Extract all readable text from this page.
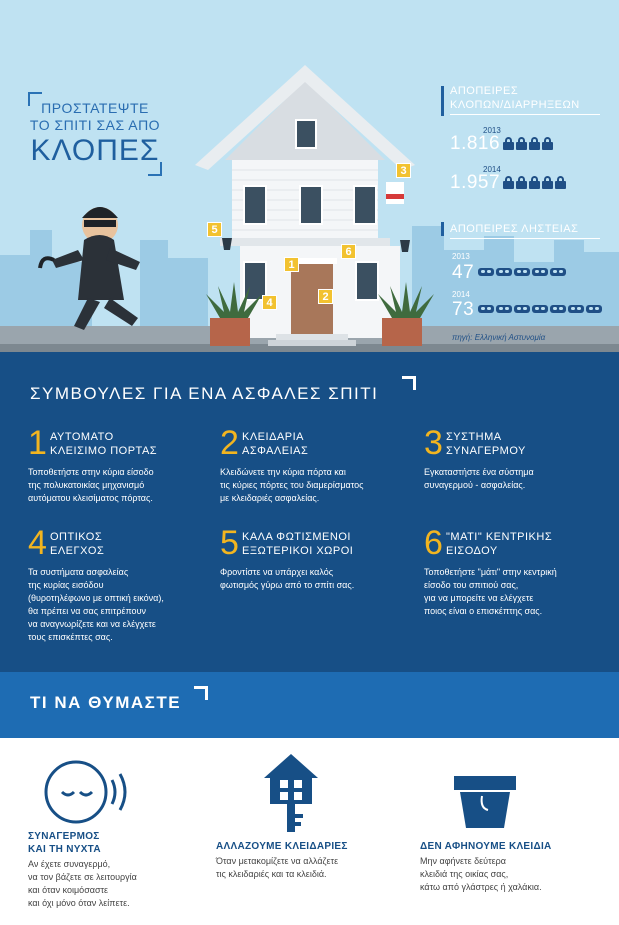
ΠΡΟΣΤΑΤΕΨΤΕ
ΤΟ ΣΠΙΤΙ ΣΑΣ ΑΠΟ
ΚΛΟΠΕΣ
1
2
3
4
5
6
ΑΠΟΠΕΙΡΕΣ
ΚΛΟΠΩΝ/ΔΙΑΡΡΗΞΕΩΝ
2013
1.816
2014
1.957
ΑΠΟΠΕΙΡΕΣ ΛΗΣΤΕΙΑΣ
2013
47
2014
73
πηγή: Ελληνική Αστυνομία
ΣΥΜΒΟΥΛΕΣ ΓΙΑ ΕΝΑ ΑΣΦΑΛΕΣ ΣΠΙΤΙ
1 ΑΥΤΟΜΑΤΟ
ΚΛΕΙΣΙΜΟ ΠΟΡΤΑΣ
Τοποθετήστε στην κύρια είσοδο
της πολυκατοικίας μηχανισμό
αυτόματου κλεισίματος πόρτας.
2 ΚΛΕΙΔΑΡΙΑ
ΑΣΦΑΛΕΙΑΣ
Κλειδώνετε την κύρια πόρτα και
τις κύριες πόρτες του διαμερίσματος
με κλειδαριές ασφαλείας.
3 ΣΥΣΤΗΜΑ
ΣΥΝΑΓΕΡΜΟΥ
Εγκαταστήστε ένα σύστημα
συναγερμού - ασφαλείας.
4 ΟΠΤΙΚΟΣ
ΕΛΕΓΧΟΣ
Τα συστήματα ασφαλείας
της κυρίας εισόδου
(θυροτηλέφωνο με οπτική εικόνα),
θα πρέπει να σας επιτρέπουν
να αναγνωρίζετε και να ελέγχετε
τους επισκέπτες σας.
5 ΚΑΛΑ ΦΩΤΙΣΜΕΝΟΙ
ΕΞΩΤΕΡΙΚΟΙ ΧΩΡΟΙ
Φροντίστε να υπάρχει καλός
φωτισμός γύρω από το σπίτι σας.
6 "ΜΑΤΙ" ΚΕΝΤΡΙΚΗΣ
ΕΙΣΟΔΟΥ
Τοποθετήστε "μάτι" στην κεντρική
είσοδο του σπιτιού σας,
για να μπορείτε να ελέγχετε
ποιος είναι ο επισκέπτης σας.
ΤΙ ΝΑ ΘΥΜΑΣΤΕ
ΣΥΝΑΓΕΡΜΟΣ
ΚΑΙ ΤΗ ΝΥΧΤΑ
Αν έχετε συναγερμό,
να τον βάζετε σε λειτουργία
και όταν κοιμόσαστε
και όχι μόνο όταν λείπετε.
ΑΛΛΑΖΟΥΜΕ ΚΛΕΙΔΑΡΙΕΣ
Όταν μετακομίζετε να αλλάζετε
τις κλειδαριές και τα κλειδιά.
ΔΕΝ ΑΦΗΝΟΥΜΕ ΚΛΕΙΔΙΑ
Μην αφήνετε δεύτερα
κλειδιά της οικίας σας,
κάτω από γλάστρες ή χαλάκια.
